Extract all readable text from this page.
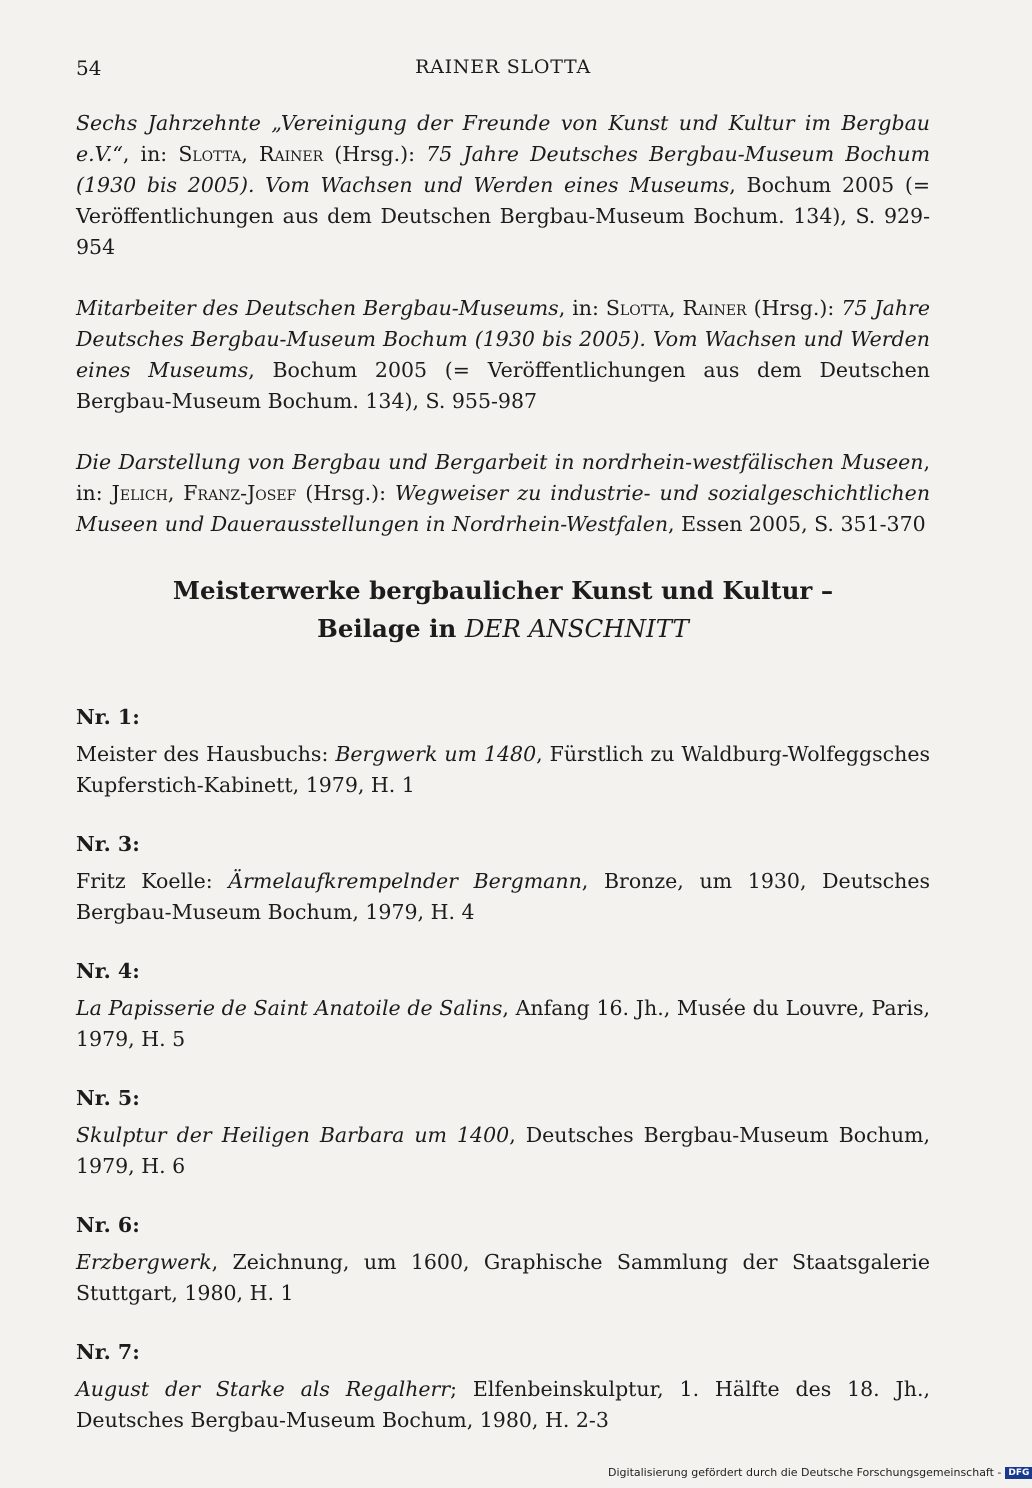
54	RAINER SLOTTA

Sechs Jahrzehnte „Vereinigung der Freunde von Kunst und Kultur im Bergbau e.V.“, in: Slotta, Rainer (Hrsg.): 75 Jahre Deutsches Bergbau-Museum Bochum (1930 bis 2005). Vom Wachsen und Werden eines Museums, Bochum 2005 (= Veröffentlichungen aus dem Deutschen Bergbau-Museum Bochum. 134), S. 929-954

Mitarbeiter des Deutschen Bergbau-Museums, in: Slotta, Rainer (Hrsg.): 75 Jahre Deutsches Bergbau-Museum Bochum (1930 bis 2005). Vom Wachsen und Werden eines Museums, Bochum 2005 (= Veröffentlichungen aus dem Deutschen Bergbau-Museum Bochum. 134), S. 955-987

Die Darstellung von Bergbau und Bergarbeit in nordrhein-westfälischen Museen, in: Jelich, Franz-Josef (Hrsg.): Wegweiser zu industrie- und sozialgeschichtlichen Museen und Dauerausstellungen in Nordrhein-Westfalen, Essen 2005, S. 351-370

Meisterwerke bergbaulicher Kunst und Kultur –
Beilage in DER ANSCHNITT
Nr. 1:
Meister des Hausbuchs: Bergwerk um 1480, Fürstlich zu Waldburg-Wolfeggsches Kupferstich-Kabinett, 1979, H. 1
Nr. 3:
Fritz Koelle: Ärmelaufkrempelnder Bergmann, Bronze, um 1930, Deutsches Bergbau-Museum Bochum, 1979, H. 4
Nr. 4:
La Papisserie de Saint Anatoile de Salins, Anfang 16. Jh., Musée du Louvre, Paris, 1979, H. 5
Nr. 5:
Skulptur der Heiligen Barbara um 1400, Deutsches Bergbau-Museum Bochum, 1979, H. 6
Nr. 6:
Erzbergwerk, Zeichnung, um 1600, Graphische Sammlung der Staatsgalerie Stuttgart, 1980, H. 1
Nr. 7:
August der Starke als Regalherr; Elfenbeinskulptur, 1. Hälfte des 18. Jh., Deutsches Bergbau-Museum Bochum, 1980, H. 2-3
Digitalisierung gefördert durch die Deutsche Forschungsgemeinschaft - DFG
